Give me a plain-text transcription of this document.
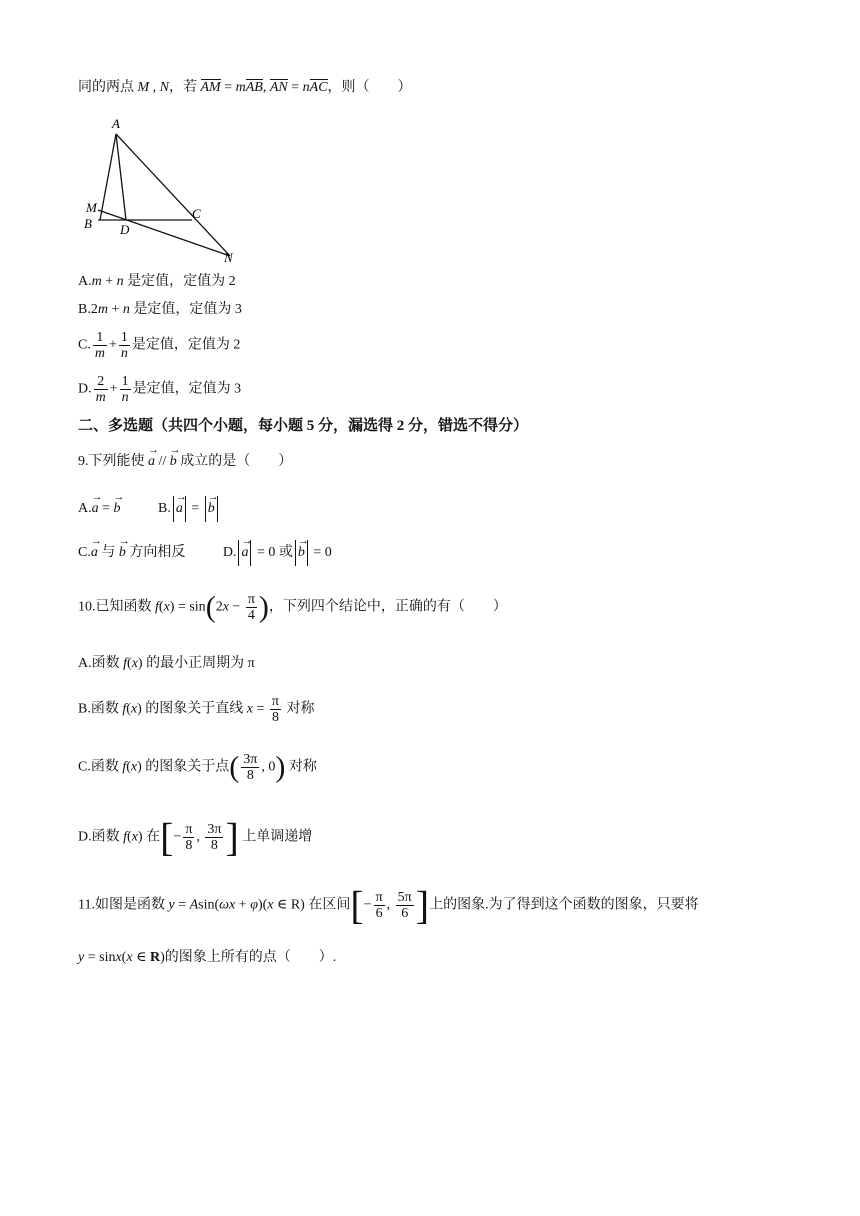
同的两点 M , N，若 AM = mAB, AN = nAC，则（　　）
A
M
B D
C
N
A.m + n 是定值，定值为 2
B.2m + n 是定值，定值为 3
C. $\frac{1}{m} + \frac{1}{n}$ 是定值，定值为 2
D. $\frac{2}{m} + \frac{1}{n}$ 是定值，定值为 3
二、多选题（共四个小题，每小题 5 分，漏选得 2 分，错选不得分）
9.下列能使 → a // → b 成立的是（　　）
A.→ a = → b	B. → a = → b
C.→ a 与 → b 方向相反	D. → a = 0 或 → b = 0
10.已知函数 $f(x) = \sin(2x - \frac{\pi}{4}$ )，下列四个结论中，正确的有（　　）
A.函数 f(x) 的最小正周期为 π
B.函数 f(x) 的图象关于直线 $x = \frac{\pi}{8}$ 对称
C.函数 f(x) 的图象关于点( $\frac{3\pi}{8}$ , 0) 对称
D.函数 f(x) 在[− $\frac{\pi}{8}$ , $\frac{3\pi}{8}$ ] 上单调递增
11.如图是函数 y = Asin(ωx + φ)(x ∈ R) 在区间[− $\frac{\pi}{6}$ , $\frac{5\pi}{6}$ ]上的图象.为了得到这个函数的图象，只要将
y = sinx(x ∈ R)的图象上所有的点（　　）.
